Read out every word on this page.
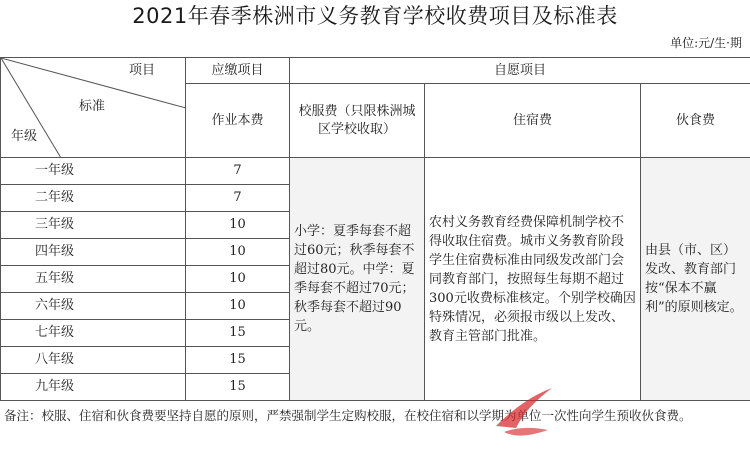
2021年春季株洲市义务教育学校收费项目及标准表
单位:元/生·期
项目
标准
年级	应缴项目	自愿项目		
	作业本费	校服费（只限株洲城区学校收取）	住宿费	伙食费
一年级	7	小学：夏季每套不超过60元；秋季每套不超过80元。中学：夏季每套不超过70元；秋季每套不超过90元。	农村义务教育经费保障机制学校不得收取住宿费。城市义务教育阶段学生住宿费标准由同级发改部门会同教育部门，按照每生每期不超过300元收费标准核定。个别学校确因特殊情况，必须报市级以上发改、教育主管部门批准。	由县（市、区）发改、教育部门按“保本不赢利”的原则核定。
二年级	7			
三年级	10			
四年级	10			
五年级	10			
六年级	10			
七年级	15			
八年级	15			
九年级	15			
备注：校服、住宿和伙食费要坚持自愿的原则，严禁强制学生定购校服，在校住宿和以学期为单位一次性向学生预收伙食费。
